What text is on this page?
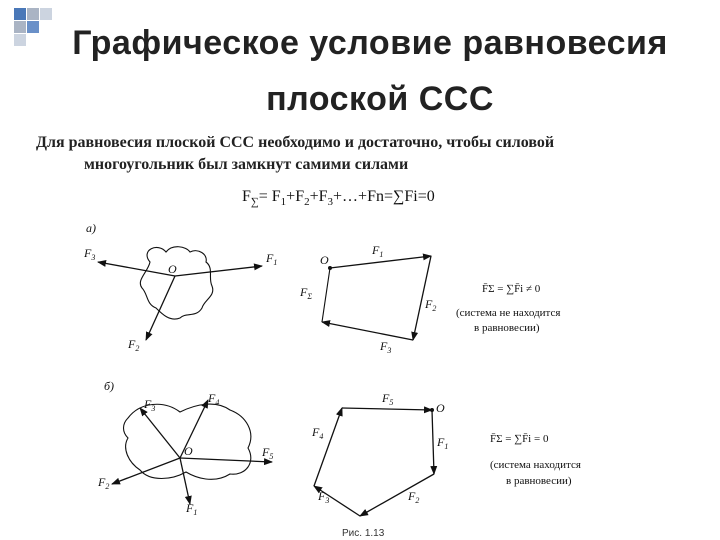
Графическое условие равновесия
плоской ССС
Для равновесия плоской ССС необходимо и достаточно, чтобы силовой
многоугольник был замкнут самими силами
$F_\sum=$ $F_1+F_2+F_3+\dots+Fn=\sum Fi=0$
а)
O
$F_3$	$F_1$
$F_2$
O
$F_1$
$F_\Sigma$
$F_2$
$F_3$
F̄Σ = ∑F̄i ≠ 0
(система не находится
в равновесии)
б)
O
$F_3$
$F_4$
$F_5$
$F_2$
$F_1$
O
$F_5$
$F_4$	$F_1$
$F_3$	$F_2$
F̄Σ = ∑F̄i = 0
(система находится
в равновесии)
Рис. 1.13
